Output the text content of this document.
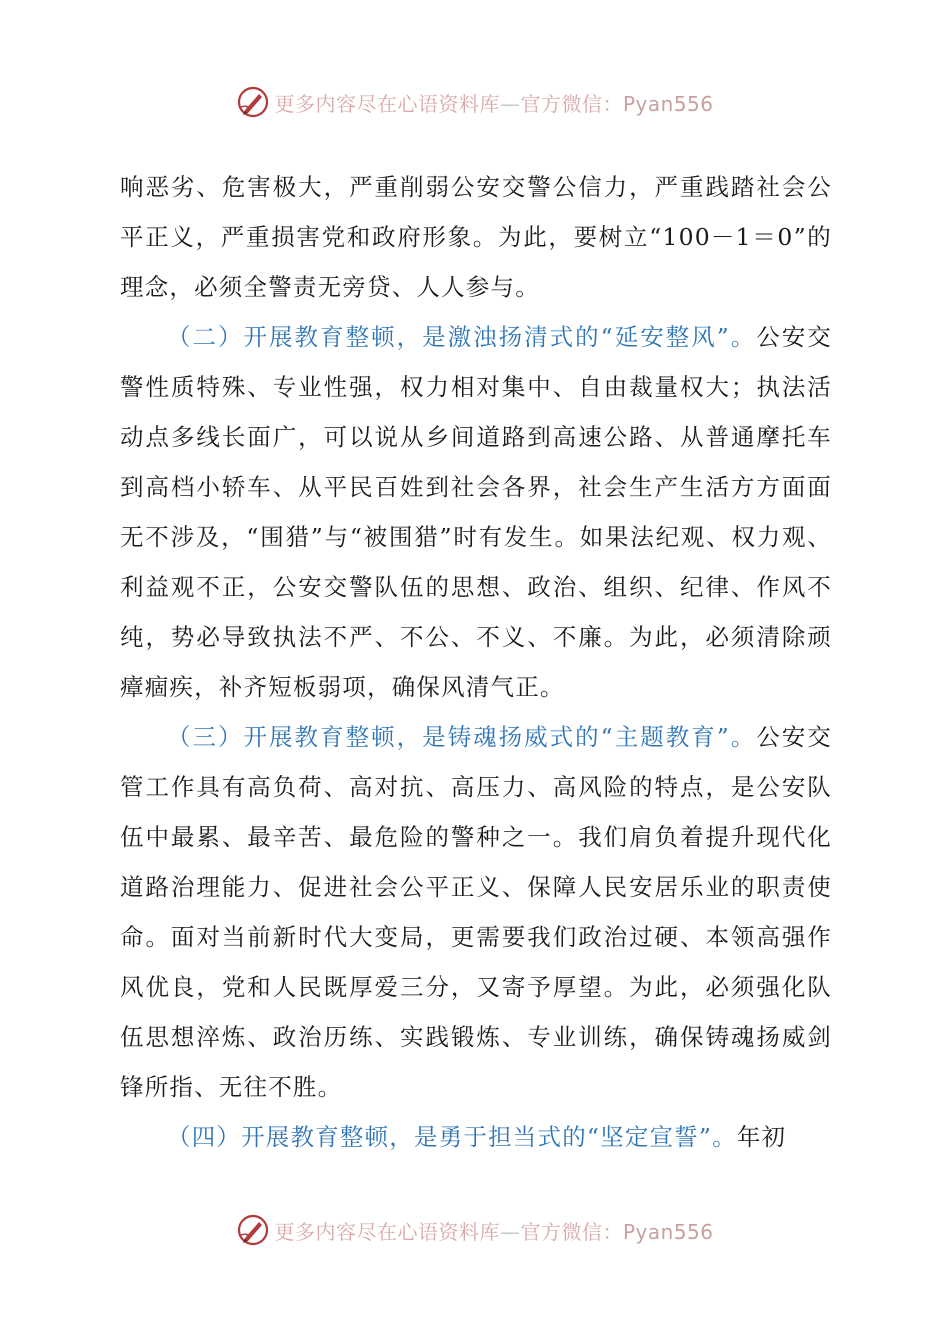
更多内容尽在心语资料库—官方微信：Pyan556

响恶劣、危害极大，严重削弱公安交警公信力，严重践踏社会公平正义，严重损害党和政府形象。为此，要树立“100－1＝0”的理念，必须全警责无旁贷、人人参与。

（二）开展教育整顿，是激浊扬清式的“延安整风”。公安交警性质特殊、专业性强，权力相对集中、自由裁量权大；执法活动点多线长面广，可以说从乡间道路到高速公路、从普通摩托车到高档小轿车、从平民百姓到社会各界，社会生产生活方方面面无不涉及，“围猎”与“被围猎”时有发生。如果法纪观、权力观、利益观不正，公安交警队伍的思想、政治、组织、纪律、作风不纯，势必导致执法不严、不公、不义、不廉。为此，必须清除顽瘴痼疾，补齐短板弱项，确保风清气正。

（三）开展教育整顿，是铸魂扬威式的“主题教育”。公安交管工作具有高负荷、高对抗、高压力、高风险的特点，是公安队伍中最累、最辛苦、最危险的警种之一。我们肩负着提升现代化道路治理能力、促进社会公平正义、保障人民安居乐业的职责使命。面对当前新时代大变局，更需要我们政治过硬、本领高强作风优良，党和人民既厚爱三分，又寄予厚望。为此，必须强化队伍思想淬炼、政治历练、实践锻炼、专业训练，确保铸魂扬威剑锋所指、无往不胜。

（四）开展教育整顿，是勇于担当式的“坚定宣誓”。年初

更多内容尽在心语资料库—官方微信：Pyan556
